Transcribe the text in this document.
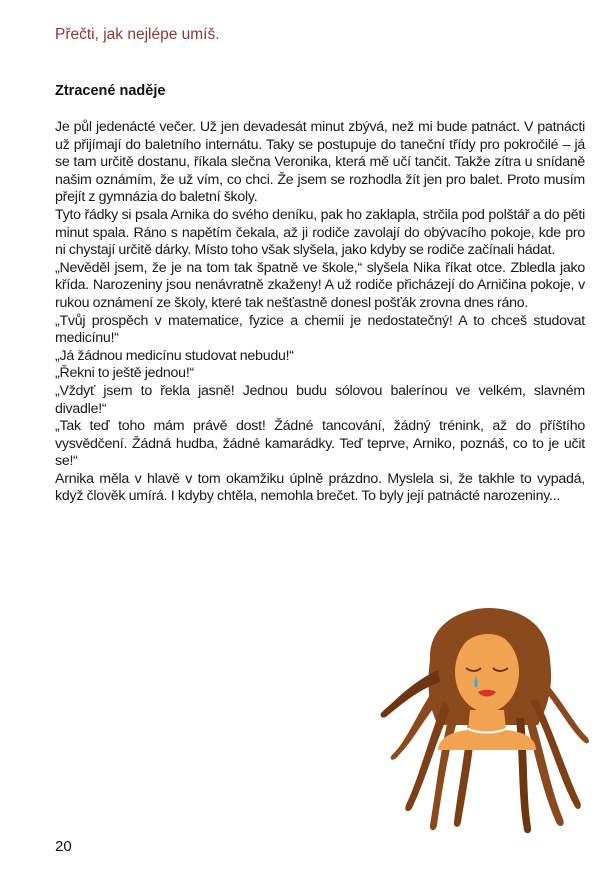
Přečti, jak nejlépe umíš.

Ztracené naděje

Je půl jedenácté večer. Už jen devadesát minut zbývá, než mi bude patnáct. V patnácti už přijímají do baletního internátu. Taky se postupuje do taneční třídy pro pokročilé – já se tam určitě dostanu, říkala slečna Veronika, která mě učí tančit. Takže zítra u snídaně našim oznámím, že už vím, co chci. Že jsem se rozhodla žít jen pro balet. Proto musím přejít z gymnázia do baletní školy.

Tyto řádky si psala Arnika do svého deníku, pak ho zaklapla, strčila pod polštář a do pěti minut spala. Ráno s napětím čekala, až ji rodiče zavolají do obývacího pokoje, kde pro ni chystají určitě dárky. Místo toho však slyšela, jako kdyby se rodiče začínali hádat.

„Nevěděl jsem, že je na tom tak špatně ve škole,“ slyšela Nika říkat otce. Zbledla jako křída. Narozeniny jsou nenávratně zkaženy! A už rodiče přicházejí do Arničina pokoje, v rukou oznámení ze školy, které tak nešťastně donesl pošťák zrovna dnes ráno.

„Tvůj prospěch v matematice, fyzice a chemii je nedostatečný! A to chceš studovat medicínu!“

„Já žádnou medicínu studovat nebudu!“

„Řekni to ještě jednou!“

„Vždyť jsem to řekla jasně! Jednou budu sólovou balerínou ve velkém, slavném divadle!“

„Tak teď toho mám právě dost! Žádné tancování, žádný trénink, až do příštího vysvědčení. Žádná hudba, žádné kamarádky. Teď teprve, Arniko, poznáš, co to je učit se!“

Arnika měla v hlavě v tom okamžiku úplně prázdno. Myslela si, že takhle to vypadá, když člověk umírá. I kdyby chtěla, nemohla brečet. To byly její patnácté narozeniny...

20
